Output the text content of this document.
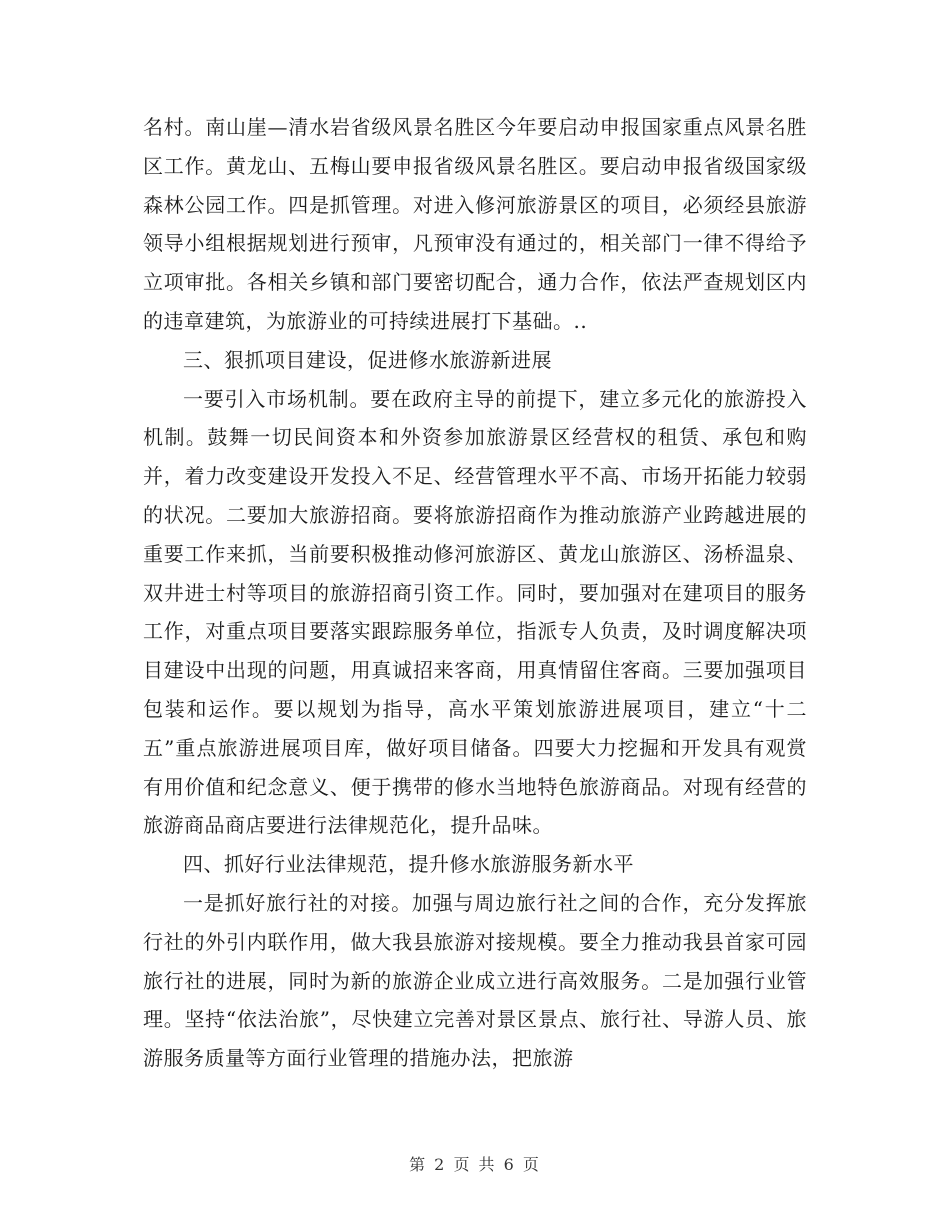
名村。南山崖—清水岩省级风景名胜区今年要启动申报国家重点风景名胜区工作。黄龙山、五梅山要申报省级风景名胜区。要启动申报省级国家级森林公园工作。四是抓管理。对进入修河旅游景区的项目，必须经县旅游领导小组根据规划进行预审，凡预审没有通过的，相关部门一律不得给予立项审批。各相关乡镇和部门要密切配合，通力合作，依法严查规划区内的违章建筑，为旅游业的可持续进展打下基础。..

三、狠抓项目建设，促进修水旅游新进展

一要引入市场机制。要在政府主导的前提下，建立多元化的旅游投入机制。鼓舞一切民间资本和外资参加旅游景区经营权的租赁、承包和购并，着力改变建设开发投入不足、经营管理水平不高、市场开拓能力较弱的状况。二要加大旅游招商。要将旅游招商作为推动旅游产业跨越进展的重要工作来抓，当前要积极推动修河旅游区、黄龙山旅游区、汤桥温泉、双井进士村等项目的旅游招商引资工作。同时，要加强对在建项目的服务工作，对重点项目要落实跟踪服务单位，指派专人负责，及时调度解决项目建设中出现的问题，用真诚招来客商，用真情留住客商。三要加强项目包装和运作。要以规划为指导，高水平策划旅游进展项目，建立“十二五”重点旅游进展项目库，做好项目储备。四要大力挖掘和开发具有观赏有用价值和纪念意义、便于携带的修水当地特色旅游商品。对现有经营的旅游商品商店要进行法律规范化，提升品味。

四、抓好行业法律规范，提升修水旅游服务新水平

一是抓好旅行社的对接。加强与周边旅行社之间的合作，充分发挥旅行社的外引内联作用，做大我县旅游对接规模。要全力推动我县首家可园旅行社的进展，同时为新的旅游企业成立进行高效服务。二是加强行业管理。坚持“依法治旅”，尽快建立完善对景区景点、旅行社、导游人员、旅游服务质量等方面行业管理的措施办法，把旅游

第 2 页 共 6 页
